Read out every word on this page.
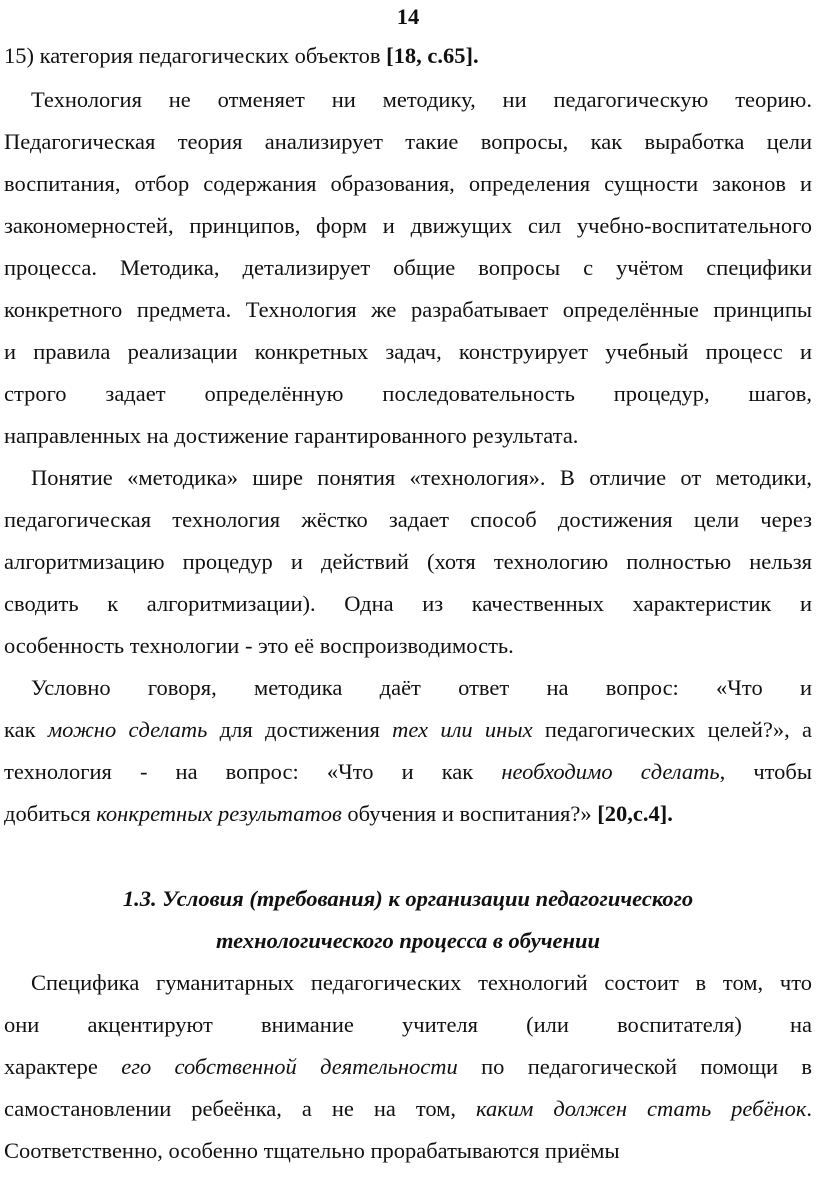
14
15) категория педагогических объектов [18, с.65].
Технология не отменяет ни методику, ни педагогическую теорию.
Педагогическая теория анализирует такие вопросы, как выработка цели
воспитания, отбор содержания образования, определения сущности законов и
закономерностей, принципов, форм и движущих сил учебно-воспитательного
процесса. Методика, детализирует общие вопросы с учётом специфики
конкретного предмета. Технология же разрабатывает определённые принципы
и правила реализации конкретных задач, конструирует учебный процесс и
строго задает определённую последовательность процедур, шагов,
направленных на достижение гарантированного результата.
Понятие «методика» шире понятия «технология». В отличие от методики,
педагогическая технология жёстко задает способ достижения цели через
алгоритмизацию процедур и действий (хотя технологию полностью нельзя
сводить к алгоритмизации). Одна из качественных характеристик и
особенность технологии - это её воспроизводимость.
Условно говоря, методика даёт ответ на вопрос: «Что и
как можно сделать для достижения тех или иных педагогических целей?», а
технология - на вопрос: «Что и как необходимо сделать, чтобы
добиться конкретных результатов обучения и воспитания?» [20,с.4].
1.3. Условия (требования) к организации педагогического
технологического процесса в обучении
Специфика гуманитарных педагогических технологий состоит в том, что
они акцентируют внимание учителя (или воспитателя) на
характере его собственной деятельности по педагогической помощи в
самостановлении ребеёнка, а не на том, каким должен стать ребёнок.
Соответственно, особенно тщательно прорабатываются приёмы
